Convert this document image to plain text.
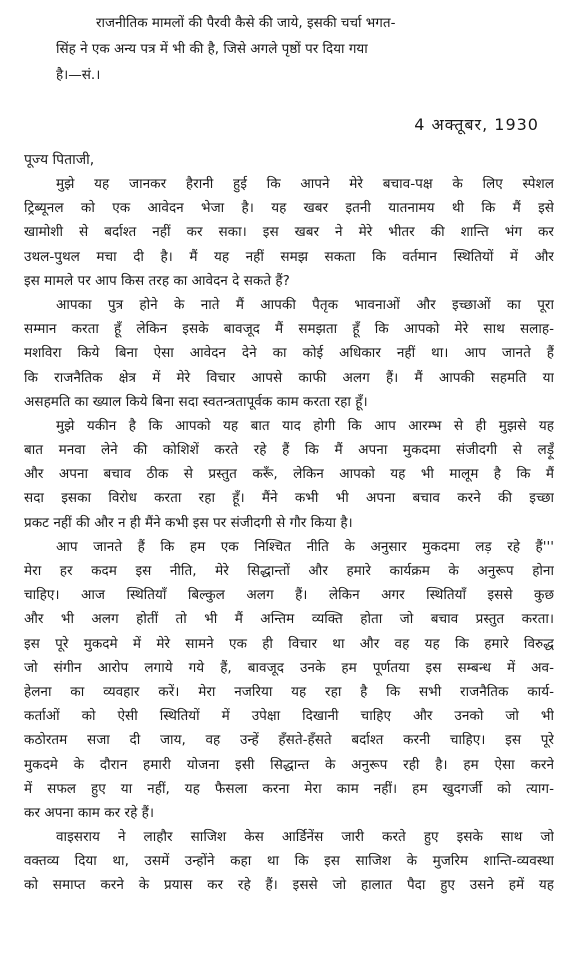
राजनीतिक मामलों की पैरवी कैसे की जाये, इसकी चर्चा भगत-
सिंह ने एक अन्य पत्र में भी की है, जिसे अगले पृष्ठों पर दिया गया
है।—सं.।
4 अक्तूबर, 1930
पूज्य पिताजी,
मुझे यह जानकर हैरानी हुई कि आपने मेरे बचाव-पक्ष के लिए स्पेशल
ट्रिब्यूनल को एक आवेदन भेजा है। यह खबर इतनी यातनामय थी कि मैं इसे
खामोशी से बर्दाश्त नहीं कर सका। इस खबर ने मेरे भीतर की शान्ति भंग कर
उथल-पुथल मचा दी है। मैं यह नहीं समझ सकता कि वर्तमान स्थितियों में और
इस मामले पर आप किस तरह का आवेदन दे सकते हैं?
आपका पुत्र होने के नाते मैं आपकी पैतृक भावनाओं और इच्छाओं का पूरा
सम्मान करता हूँ लेकिन इसके बावजूद मैं समझता हूँ कि आपको मेरे साथ सलाह-
मशविरा किये बिना ऐसा आवेदन देने का कोई अधिकार नहीं था। आप जानते हैं
कि राजनैतिक क्षेत्र में मेरे विचार आपसे काफी अलग हैं। मैं आपकी सहमति या
असहमति का ख्याल किये बिना सदा स्वतन्त्रतापूर्वक काम करता रहा हूँ।
मुझे यकीन है कि आपको यह बात याद होगी कि आप आरम्भ से ही मुझसे यह
बात मनवा लेने की कोशिशें करते रहे हैं कि मैं अपना मुकदमा संजीदगी से लड़ूँ
और अपना बचाव ठीक से प्रस्तुत करूँ, लेकिन आपको यह भी मालूम है कि मैं
सदा इसका विरोध करता रहा हूँ। मैंने कभी भी अपना बचाव करने की इच्छा
प्रकट नहीं की और न ही मैंने कभी इस पर संजीदगी से गौर किया है।
आप जानते हैं कि हम एक निश्चित नीति के अनुसार मुकदमा लड़ रहे हैं'''
मेरा हर कदम इस नीति, मेरे सिद्धान्तों और हमारे कार्यक्रम के अनुरूप होना
चाहिए। आज स्थितियाँ बिल्कुल अलग हैं। लेकिन अगर स्थितियाँ इससे कुछ
और भी अलग होतीं तो भी मैं अन्तिम व्यक्ति होता जो बचाव प्रस्तुत करता।
इस पूरे मुकदमे में मेरे सामने एक ही विचार था और वह यह कि हमारे विरुद्ध
जो संगीन आरोप लगाये गये हैं, बावजूद उनके हम पूर्णतया इस सम्बन्ध में अव-
हेलना का व्यवहार करें। मेरा नजरिया यह रहा है कि सभी राजनैतिक कार्य-
कर्ताओं को ऐसी स्थितियों में उपेक्षा दिखानी चाहिए और उनको जो भी
कठोरतम सजा दी जाय, वह उन्हें हँसते-हँसते बर्दाश्त करनी चाहिए। इस पूरे
मुकदमे के दौरान हमारी योजना इसी सिद्धान्त के अनुरूप रही है। हम ऐसा करने
में सफल हुए या नहीं, यह फैसला करना मेरा काम नहीं। हम खुदगर्जी को त्याग-
कर अपना काम कर रहे हैं।
वाइसराय ने लाहौर साजिश केस आर्डिनेंस जारी करते हुए इसके साथ जो
वक्तव्य दिया था, उसमें उन्होंने कहा था कि इस साजिश के मुजरिम शान्ति-व्यवस्था
को समाप्त करने के प्रयास कर रहे हैं। इससे जो हालात पैदा हुए उसने हमें यह
